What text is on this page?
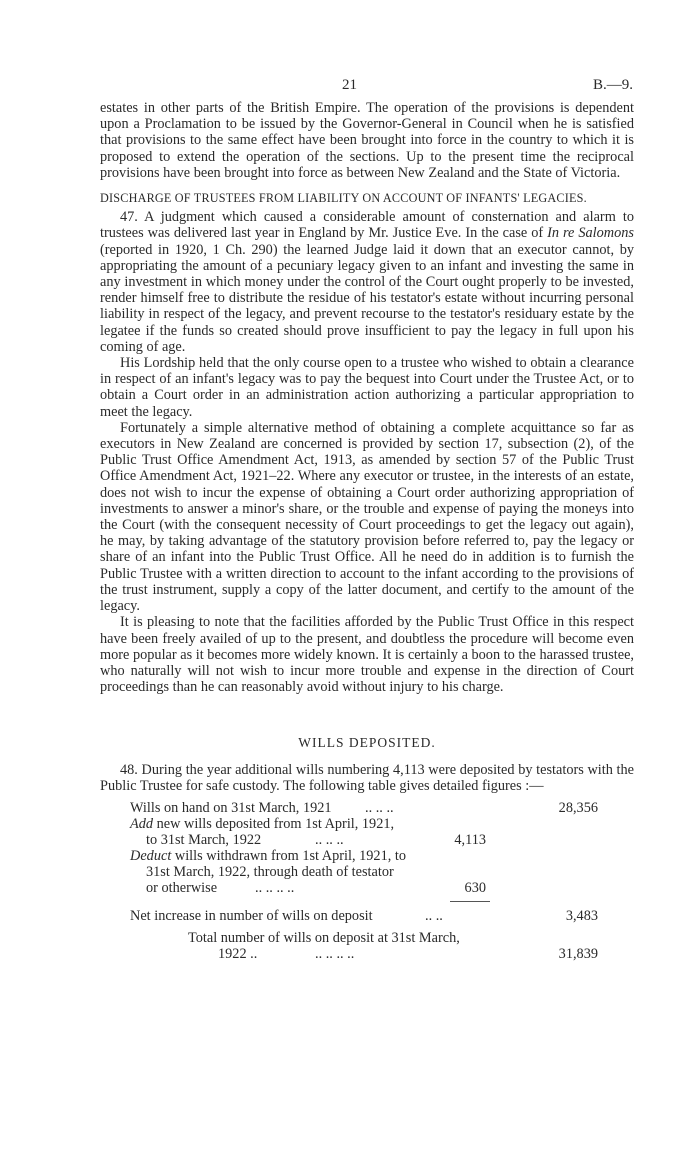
21	B.—9.

estates in other parts of the British Empire. The operation of the provisions is dependent upon a Proclamation to be issued by the Governor-General in Council when he is satisfied that provisions to the same effect have been brought into force in the country to which it is proposed to extend the operation of the sections. Up to the present time the reciprocal provisions have been brought into force as between New Zealand and the State of Victoria.

DISCHARGE OF TRUSTEES FROM LIABILITY ON ACCOUNT OF INFANTS' LEGACIES.

47. A judgment which caused a considerable amount of consternation and alarm to trustees was delivered last year in England by Mr. Justice Eve. In the case of In re Salomons (reported in 1920, 1 Ch. 290) the learned Judge laid it down that an executor cannot, by appropriating the amount of a pecuniary legacy given to an infant and investing the same in any investment in which money under the control of the Court ought properly to be invested, render himself free to distribute the residue of his testator's estate without incurring personal liability in respect of the legacy, and prevent recourse to the testator's residuary estate by the legatee if the funds so created should prove insufficient to pay the legacy in full upon his coming of age.

His Lordship held that the only course open to a trustee who wished to obtain a clearance in respect of an infant's legacy was to pay the bequest into Court under the Trustee Act, or to obtain a Court order in an administration action authorizing a particular appropriation to meet the legacy.

Fortunately a simple alternative method of obtaining a complete acquittance so far as executors in New Zealand are concerned is provided by section 17, subsection (2), of the Public Trust Office Amendment Act, 1913, as amended by section 57 of the Public Trust Office Amendment Act, 1921–22. Where any executor or trustee, in the interests of an estate, does not wish to incur the expense of obtaining a Court order authorizing appropriation of investments to answer a minor's share, or the trouble and expense of paying the moneys into the Court (with the consequent necessity of Court proceedings to get the legacy out again), he may, by taking advantage of the statutory provision before referred to, pay the legacy or share of an infant into the Public Trust Office. All he need do in addition is to furnish the Public Trustee with a written direction to account to the infant according to the provisions of the trust instrument, supply a copy of the latter document, and certify to the amount of the legacy.

It is pleasing to note that the facilities afforded by the Public Trust Office in this respect have been freely availed of up to the present, and doubtless the procedure will become even more popular as it becomes more widely known. It is certainly a boon to the harassed trustee, who naturally will not wish to incur more trouble and expense in the direction of Court proceedings than he can reasonably avoid without injury to his charge.

WILLS DEPOSITED.

48. During the year additional wills numbering 4,113 were deposited by testators with the Public Trustee for safe custody. The following table gives detailed figures :—

Wills on hand on 31st March, 1921 .. .. ..	28,356
Add new wills deposited from 1st April, 1921,
to 31st March, 1922	.. .. ..	4,113
Deduct wills withdrawn from 1st April, 1921, to
31st March, 1922, through death of testator
or otherwise	.. .. .. ..	630
Net increase in number of wills on deposit	.. ..	3,483
Total number of wills on deposit at 31st March,
1922 ..	.. .. .. ..	31,839
